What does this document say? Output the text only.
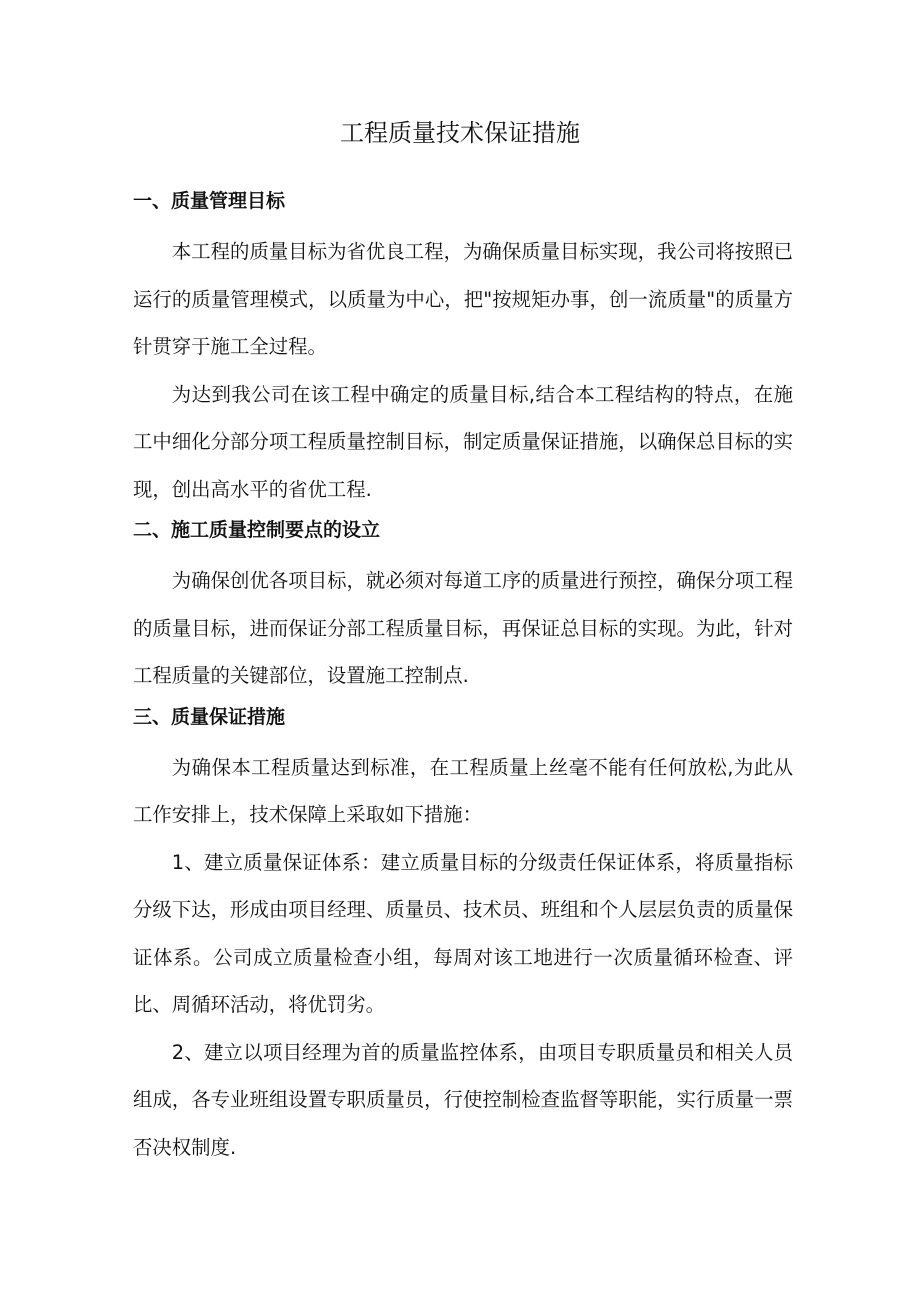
工程质量技术保证措施
一、质量管理目标

本工程的质量目标为省优良工程，为确保质量目标实现，我公司将按照已运行的质量管理模式，以质量为中心，把"按规矩办事，创一流质量"的质量方针贯穿于施工全过程。

为达到我公司在该工程中确定的质量目标,结合本工程结构的特点，在施工中细化分部分项工程质量控制目标，制定质量保证措施，以确保总目标的实现，创出高水平的省优工程.

二、施工质量控制要点的设立

为确保创优各项目标，就必须对每道工序的质量进行预控，确保分项工程的质量目标，进而保证分部工程质量目标，再保证总目标的实现。为此，针对工程质量的关键部位，设置施工控制点.

三、质量保证措施

为确保本工程质量达到标准，在工程质量上丝毫不能有任何放松,为此从工作安排上，技术保障上采取如下措施：

1、建立质量保证体系：建立质量目标的分级责任保证体系，将质量指标分级下达，形成由项目经理、质量员、技术员、班组和个人层层负责的质量保证体系。公司成立质量检查小组，每周对该工地进行一次质量循环检查、评比、周循环活动，将优罚劣。

2、建立以项目经理为首的质量监控体系，由项目专职质量员和相关人员组成，各专业班组设置专职质量员，行使控制检查监督等职能，实行质量一票否决权制度.
